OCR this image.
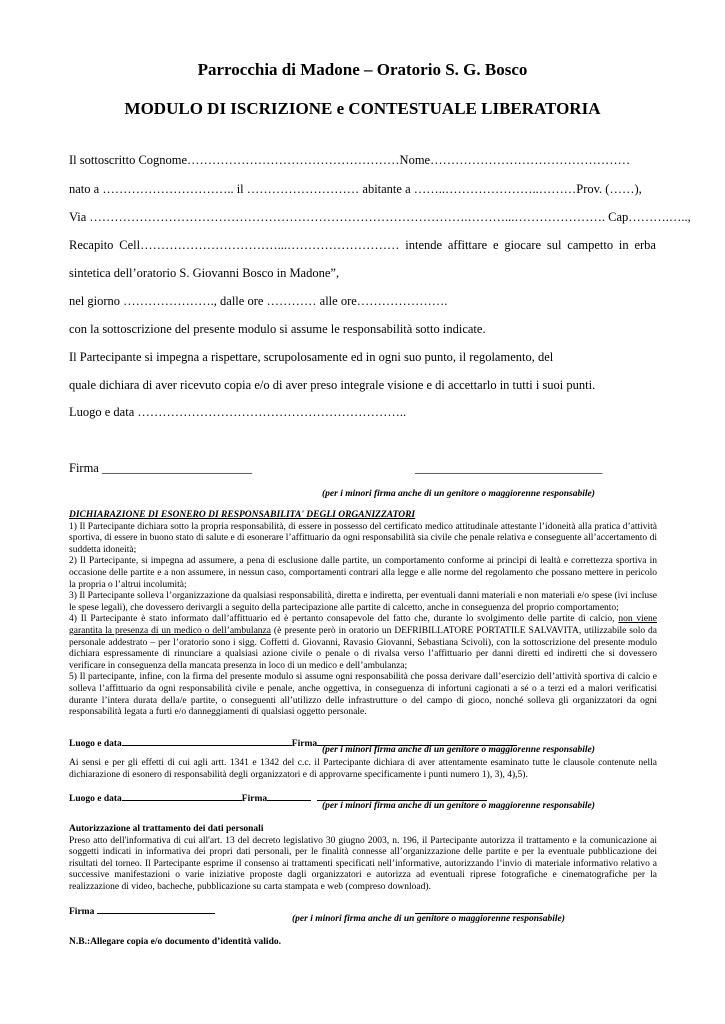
Parrocchia di Madone – Oratorio S. G. Bosco
MODULO DI ISCRIZIONE e CONTESTUALE LIBERATORIA
Il sottoscritto Cognome……………………………………………Nome…………………………………………
nato a ………………………….. il ……………………… abitante a ……..…………………..………Prov. (……),
Via ……………………………………………………………………………….………...…………………. Cap……….…..,
Recapito Cell……………………………...……………………… intende affittare e giocare sul campetto in erba
sintetica dell’oratorio S. Giovanni Bosco in Madone”,
nel giorno …………………., dalle ore ………… alle ore………………….
con la sottoscrizione del presente modulo si assume le responsabilità sotto indicate.
Il Partecipante si impegna a rispettare, scrupolosamente ed in ogni suo punto, il regolamento, del
quale dichiara di aver ricevuto copia e/o di aver preso integrale visione e di accettarlo in tutti i suoi punti.
Luogo e data ………………………………………………………..
Firma ________________________	______________________________
(per i minori firma anche di un genitore o maggiorenne responsabile)

DICHIARAZIONE DI ESONERO DI RESPONSABILITA' DEGLI ORGANIZZATORI

1) Il Partecipante dichiara sotto la propria responsabilità, di essere in possesso del certificato medico attitudinale attestante l’idoneità alla pratica d’attività sportiva, di essere in buono stato di salute e di esonerare l’affittuario da ogni responsabilità sia civile che penale relativa e conseguente all’accertamento di suddetta idoneità;

2) Il Partecipante, si impegna ad assumere, a pena di esclusione dalle partite, un comportamento conforme ai principi di lealtà e correttezza sportiva in occasione delle partite e a non assumere, in nessun caso, comportamenti contrari alla legge e alle norme del regolamento che possano mettere in pericolo la propria o l’altrui incolumità;

3) Il Partecipante solleva l’organizzazione da qualsiasi responsabilità, diretta e indiretta, per eventuali danni materiali e non materiali e/o spese (ivi incluse le spese legali), che dovessero derivargli a seguito della partecipazione alle partite di calcetto, anche in conseguenza del proprio comportamento;

4) Il Partecipante è stato informato dall’affittuario ed è pertanto consapevole del fatto che, durante lo svolgimento delle partite di calcio, non viene garantita la presenza di un medico o dell’ambulanza (è presente però in oratorio un DEFRIBILLATORE PORTATILE SALVAVITA, utilizzabile solo da personale addestrato – per l’oratorio sono i sigg. Coffetti d. Giovanni, Ravasio Giovanni, Sebastiana Scivoli), con la sottoscrizione del presente modulo dichiara espressamente di rinunciare a qualsiasi azione civile o penale o di rivalsa verso l’affittuario per danni diretti ed indiretti che si dovessero verificare in conseguenza della mancata presenza in loco di un medico e dell’ambulanza;

5) Il partecipante, infine, con la firma del presente modulo si assume ogni responsabilità che possa derivare dall’esercizio dell’attività sportiva di calcio e solleva l’affittuario da ogni responsabilità civile e penale, anche oggettiva, in conseguenza di infortuni cagionati a sé o a terzi ed a malori verificatisi durante l’intera durata della/e partite, o conseguenti all’utilizzo delle infrastrutture o del campo di gioco, nonché solleva gli organizzatori da ogni responsabilità legata a furti e/o danneggiamenti di qualsiasi oggetto personale.

Luogo e data	Firma
(per i minori firma anche di un genitore o maggiorenne responsabile)
Ai sensi e per gli effetti di cui agli artt. 1341 e 1342 del c.c. il Partecipante dichiara di aver attentamente esaminato tutte le clausole contenute nella dichiarazione di esonero di responsabilità degli organizzatori e di approvarne specificamente i punti numero 1), 3), 4),5).
Luogo e data	Firma
(per i minori firma anche di un genitore o maggiorenne responsabile)

Autorizzazione al trattamento dei dati personali

Preso atto dell'informativa di cui all'art. 13 del decreto legislativo 30 giugno 2003, n. 196, il Partecipante autorizza il trattamento e la comunicazione ai soggetti indicati in informativa dei propri dati personali, per le finalità connesse all’organizzazione delle partite e per la eventuale pubblicazione dei risultati del torneo. Il Partecipante esprime il consenso ai trattamenti specificati nell’informative, autorizzando l’invio di materiale informativo relativo a successive manifestazioni o varie iniziative proposte dagli organizzatori e autorizza ad eventuali riprese fotografiche e cinematografiche per la realizzazione di video, bacheche, pubblicazione su carta stampata e web (compreso download).

Firma
(per i minori firma anche di un genitore o maggiorenne responsabile)
N.B.:Allegare copia e/o documento d’identità valido.
